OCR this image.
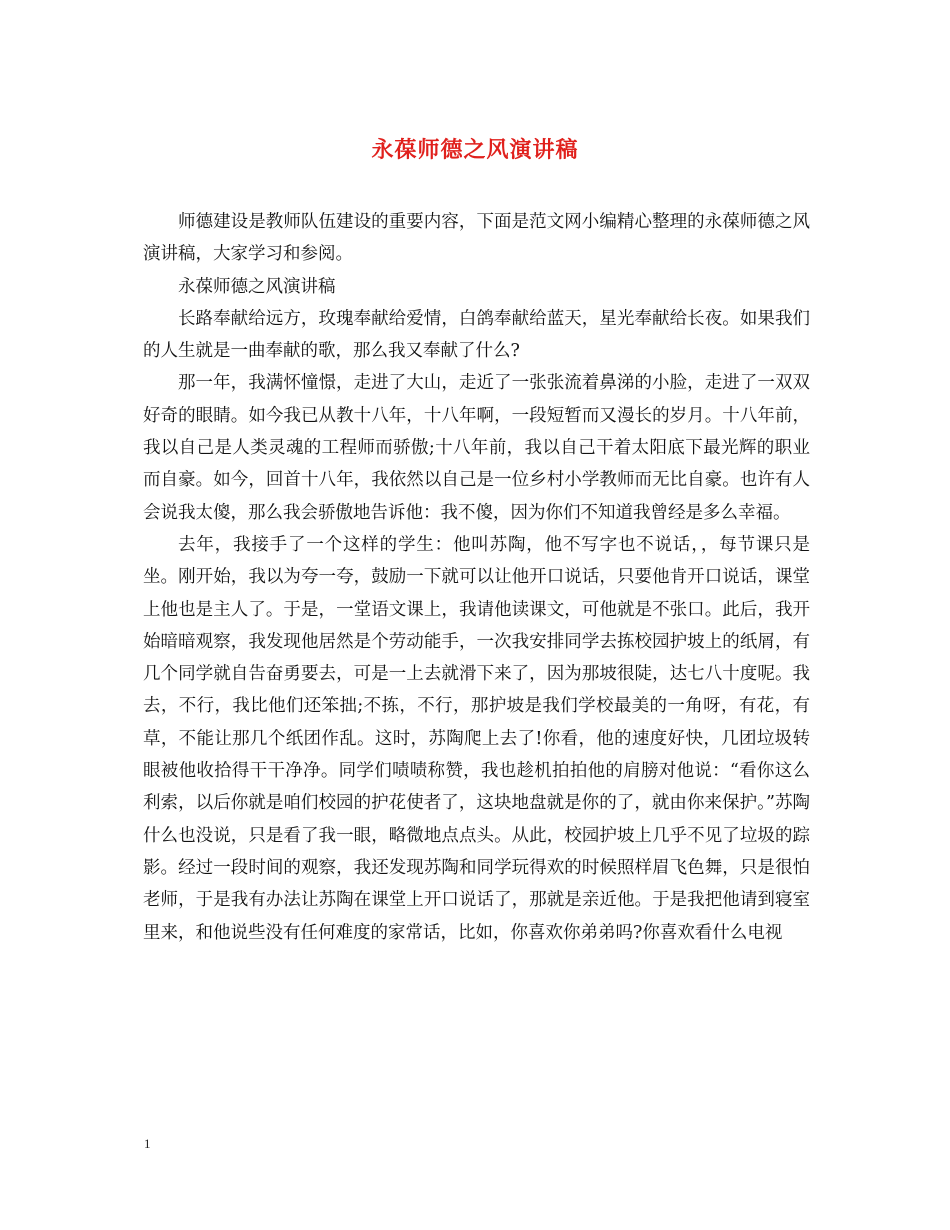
永葆师德之风演讲稿

师德建设是教师队伍建设的重要内容，下面是范文网小编精心整理的永葆师德之风演讲稿，大家学习和参阅。

永葆师德之风演讲稿

长路奉献给远方，玫瑰奉献给爱情，白鸽奉献给蓝天，星光奉献给长夜。如果我们的人生就是一曲奉献的歌，那么我又奉献了什么?

那一年，我满怀憧憬，走进了大山，走近了一张张流着鼻涕的小脸，走进了一双双好奇的眼睛。如今我已从教十八年，十八年啊，一段短暂而又漫长的岁月。十八年前，我以自己是人类灵魂的工程师而骄傲;十八年前，我以自己干着太阳底下最光辉的职业而自豪。如今，回首十八年，我依然以自己是一位乡村小学教师而无比自豪。也许有人会说我太傻，那么我会骄傲地告诉他：我不傻，因为你们不知道我曾经是多么幸福。

去年，我接手了一个这样的学生：他叫苏陶，他不写字也不说话，，每节课只是坐。刚开始，我以为夸一夸，鼓励一下就可以让他开口说话，只要他肯开口说话，课堂上他也是主人了。于是，一堂语文课上，我请他读课文，可他就是不张口。此后，我开始暗暗观察，我发现他居然是个劳动能手，一次我安排同学去拣校园护坡上的纸屑，有几个同学就自告奋勇要去，可是一上去就滑下来了，因为那坡很陡，达七八十度呢。我去，不行，我比他们还笨拙;不拣，不行，那护坡是我们学校最美的一角呀，有花，有草，不能让那几个纸团作乱。这时，苏陶爬上去了!你看，他的速度好快，几团垃圾转眼被他收拾得干干净净。同学们啧啧称赞，我也趁机拍拍他的肩膀对他说：“看你这么利索，以后你就是咱们校园的护花使者了，这块地盘就是你的了，就由你来保护。”苏陶什么也没说，只是看了我一眼，略微地点点头。从此，校园护坡上几乎不见了垃圾的踪影。经过一段时间的观察，我还发现苏陶和同学玩得欢的时候照样眉飞色舞，只是很怕老师，于是我有办法让苏陶在课堂上开口说话了，那就是亲近他。于是我把他请到寝室里来，和他说些没有任何难度的家常话，比如，你喜欢你弟弟吗?你喜欢看什么电视

1
